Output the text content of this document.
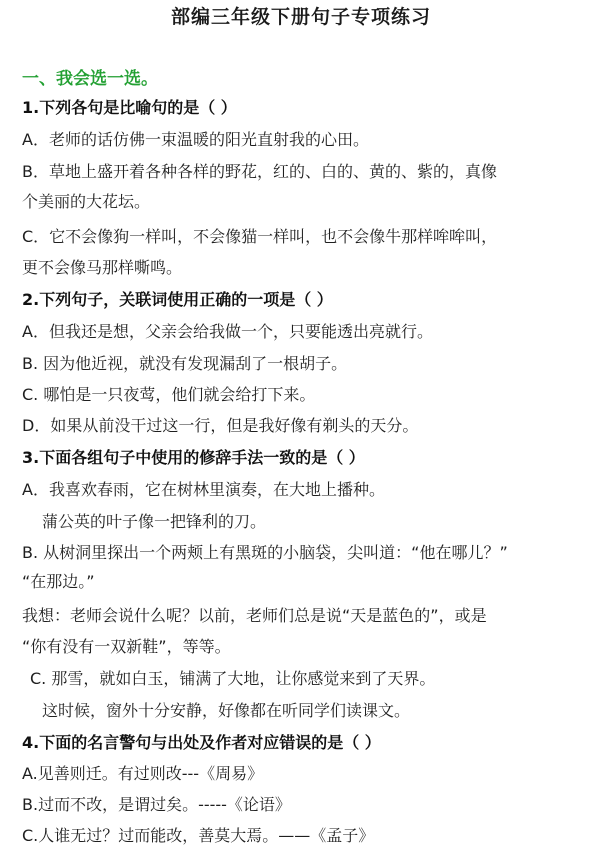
部编三年级下册句子专项练习
一、我会选一选。
1.下列各句是比喻句的是（ ）
A．老师的话仿佛一束温暖的阳光直射我的心田。
B．草地上盛开着各种各样的野花，红的、白的、黄的、紫的，真像
个美丽的大花坛。
C．它不会像狗一样叫，不会像猫一样叫，也不会像牛那样哞哞叫，
更不会像马那样嘶鸣。
2.下列句子，关联词使用正确的一项是（ ）
A．但我还是想，父亲会给我做一个，只要能透出亮就行。
B. 因为他近视，就没有发现漏刮了一根胡子。
C. 哪怕是一只夜莺，他们就会给打下来。
D．如果从前没干过这一行，但是我好像有剃头的天分。
3.下面各组句子中使用的修辞手法一致的是（ ）
A．我喜欢春雨，它在树林里演奏，在大地上播种。
蒲公英的叶子像一把锋利的刀。
B. 从树洞里探出一个两颊上有黑斑的小脑袋，尖叫道：“他在哪儿？”
“在那边。”
我想：老师会说什么呢？以前，老师们总是说“天是蓝色的”，或是
“你有没有一双新鞋”，等等。
C. 那雪，就如白玉，铺满了大地，让你感觉来到了天界。
这时候，窗外十分安静，好像都在听同学们读课文。
4.下面的名言警句与出处及作者对应错误的是（ ）
A.见善则迁。有过则改---《周易》
B.过而不改，是谓过矣。-----《论语》
C.人谁无过？过而能改，善莫大焉。——《孟子》
